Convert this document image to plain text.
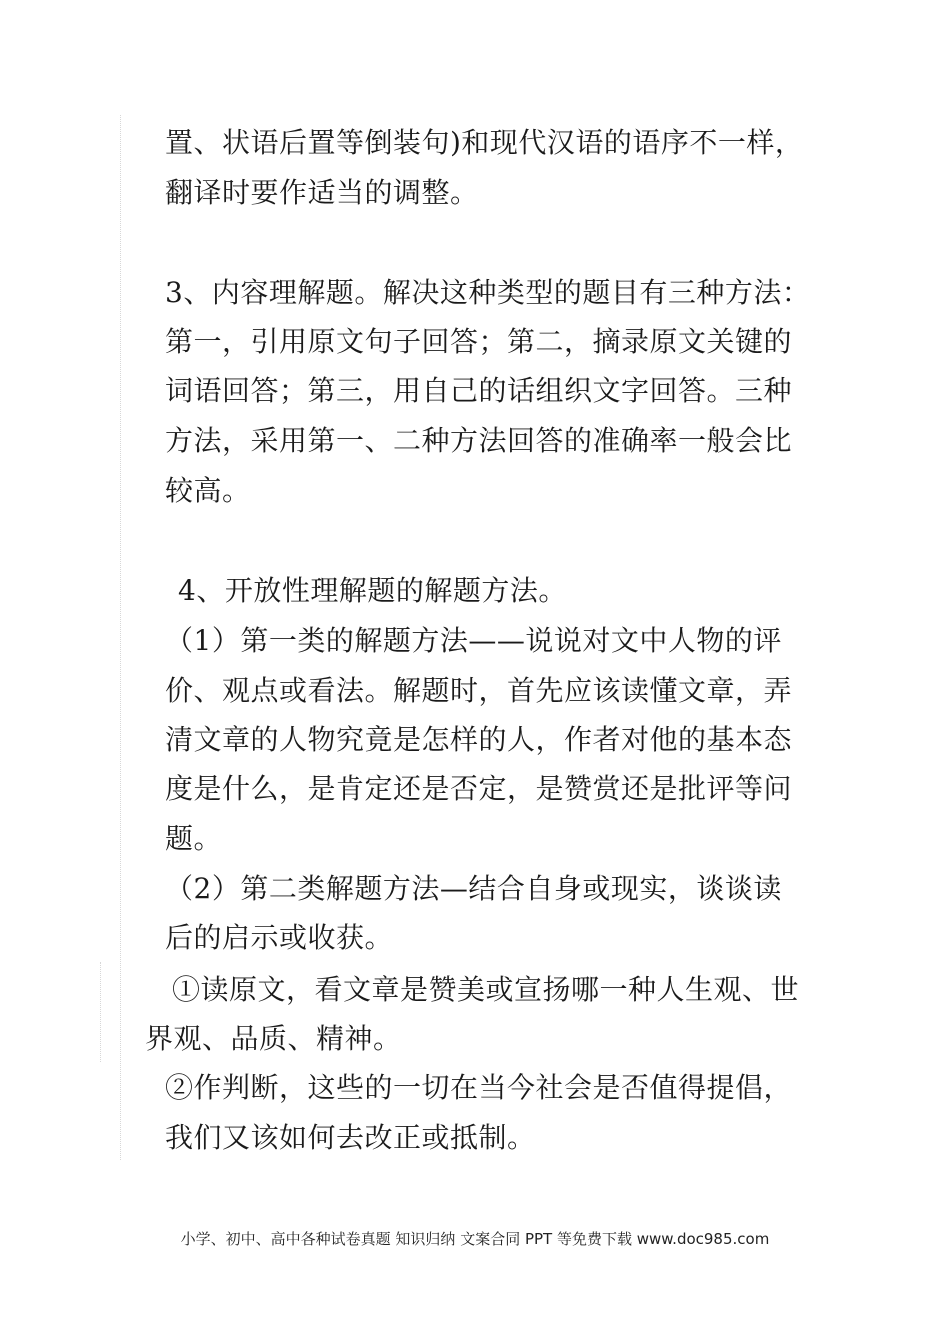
置、状语后置等倒装句)和现代汉语的语序不一样，
翻译时要作适当的调整。
3、内容理解题。解决这种类型的题目有三种方法：
第一，引用原文句子回答；第二，摘录原文关键的
词语回答；第三，用自己的话组织文字回答。三种
方法，采用第一、二种方法回答的准确率一般会比
较高。
4、开放性理解题的解题方法。
（1）第一类的解题方法——说说对文中人物的评
价、观点或看法。解题时，首先应该读懂文章，弄
清文章的人物究竟是怎样的人，作者对他的基本态
度是什么，是肯定还是否定，是赞赏还是批评等问
题。
（2）第二类解题方法—结合自身或现实，谈谈读
后的启示或收获。
①读原文，看文章是赞美或宣扬哪一种人生观、世
界观、品质、精神。
②作判断，这些的一切在当今社会是否值得提倡，
我们又该如何去改正或抵制。
小学、初中、高中各种试卷真题 知识归纳 文案合同 PPT 等免费下载 www.doc985.com
